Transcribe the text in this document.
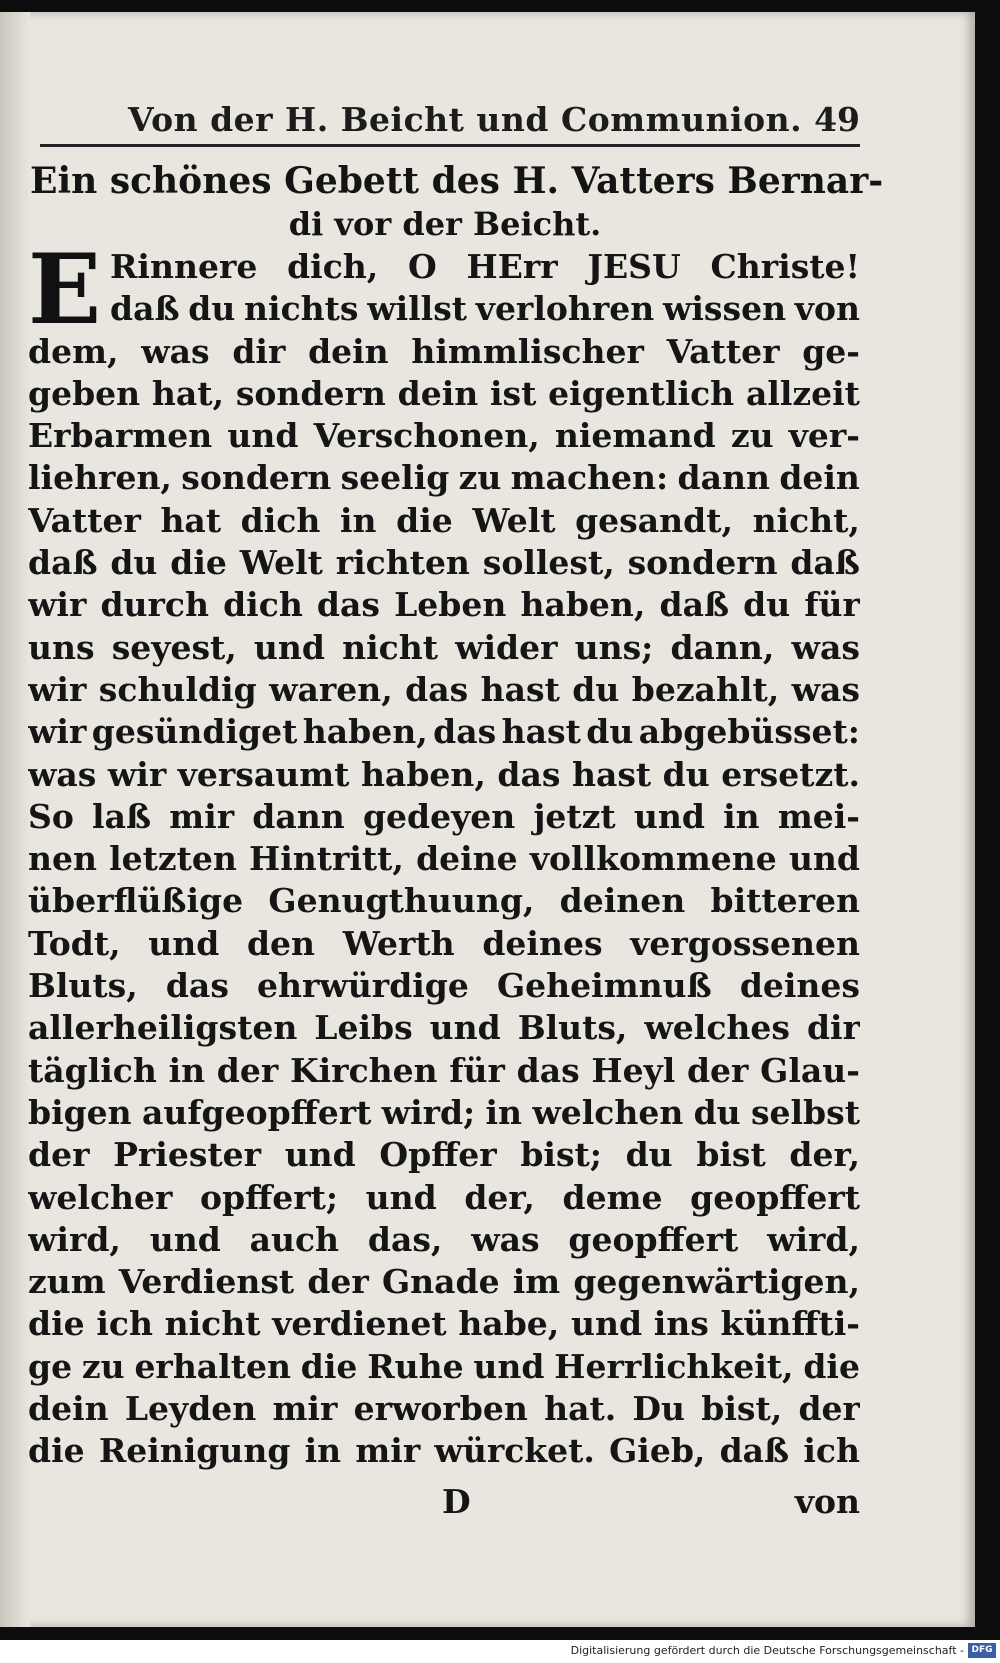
Von der H. Beicht und Communion. 49
Ein schönes Gebett des H. Vatters Bernar-
di vor der Beicht.
E Rinnere dich, O HErr JESU Christe!
daß du nichts willst verlohren wissen von
dem, was dir dein himmlischer Vatter ge-
geben hat, sondern dein ist eigentlich allzeit
Erbarmen und Verschonen, niemand zu ver-
liehren, sondern seelig zu machen: dann dein
Vatter hat dich in die Welt gesandt, nicht,
daß du die Welt richten sollest, sondern daß
wir durch dich das Leben haben, daß du für
uns seyest, und nicht wider uns; dann, was
wir schuldig waren, das hast du bezahlt, was
wir gesündiget haben, das hast du abgebüsset:
was wir versaumt haben, das hast du ersetzt.
So laß mir dann gedeyen jetzt und in mei-
nen letzten Hintritt, deine vollkommene und
überflüßige Genugthuung, deinen bitteren
Todt, und den Werth deines vergossenen
Bluts, das ehrwürdige Geheimnuß deines
allerheiligsten Leibs und Bluts, welches dir
täglich in der Kirchen für das Heyl der Glau-
bigen aufgeopffert wird; in welchen du selbst
der Priester und Opffer bist; du bist der,
welcher opffert; und der, deme geopffert
wird, und auch das, was geopffert wird,
zum Verdienst der Gnade im gegenwärtigen,
die ich nicht verdienet habe, und ins künffti-
ge zu erhalten die Ruhe und Herrlichkeit, die
dein Leyden mir erworben hat. Du bist, der
die Reinigung in mir würcket. Gieb, daß ich
D	von
Digitalisierung gefördert durch die Deutsche Forschungsgemeinschaft - DFG
